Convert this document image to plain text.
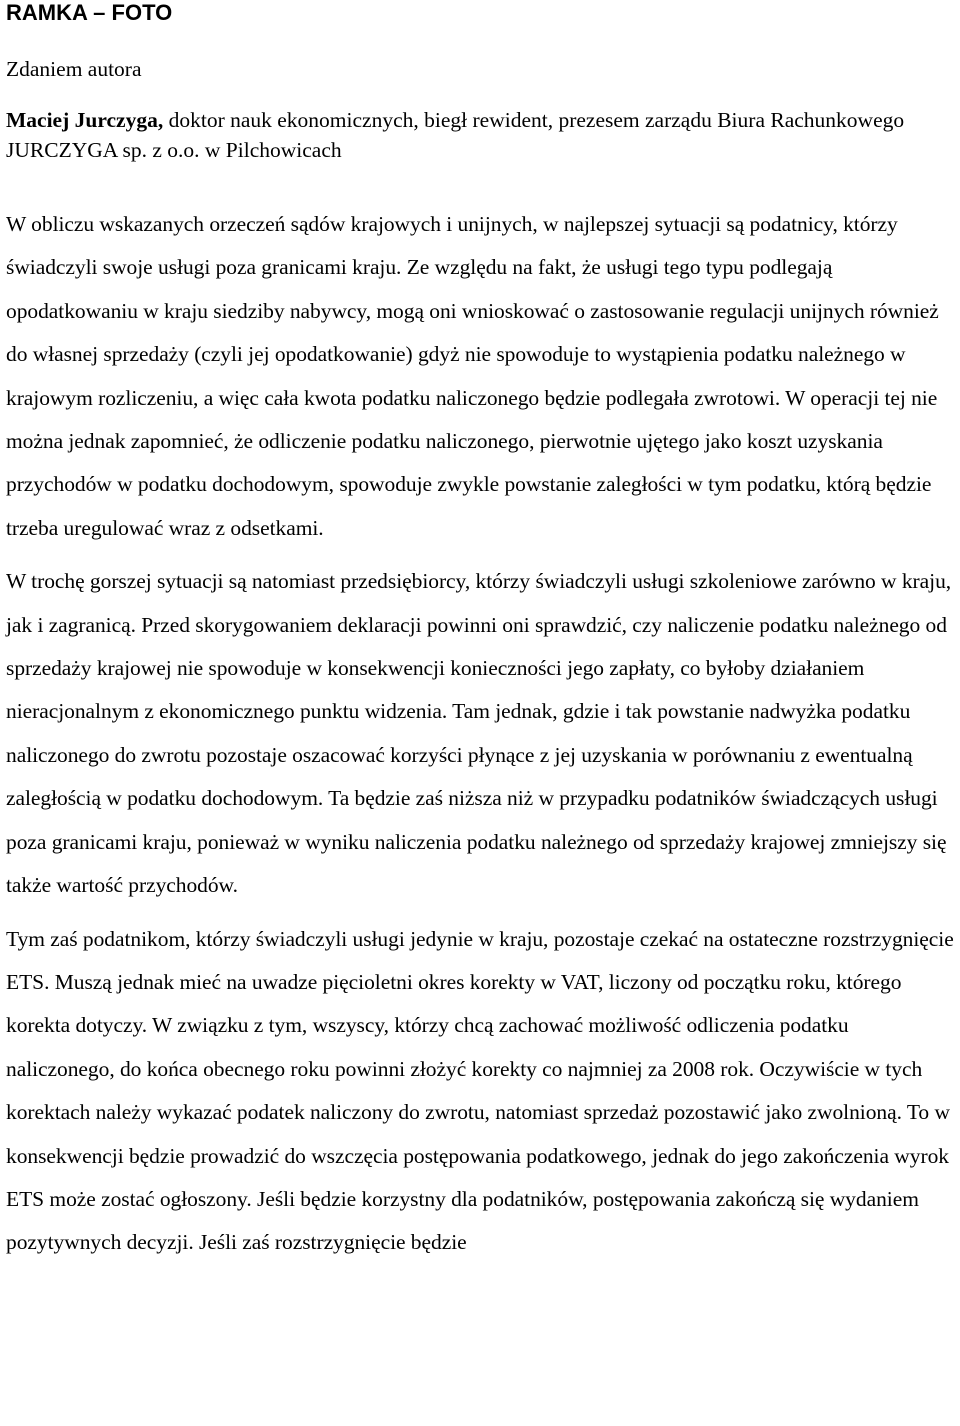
RAMKA – FOTO
Zdaniem autora

Maciej Jurczyga, doktor nauk ekonomicznych, biegł rewident, prezesem zarządu Biura Rachunkowego JURCZYGA sp. z o.o. w Pilchowicach

W obliczu wskazanych orzeczeń sądów krajowych i unijnych, w najlepszej sytuacji są podatnicy, którzy świadczyli swoje usługi poza granicami kraju. Ze względu na fakt, że usługi tego typu podlegają opodatkowaniu w kraju siedziby nabywcy, mogą oni wnioskować o zastosowanie regulacji unijnych również do własnej sprzedaży (czyli jej opodatkowanie) gdyż nie spowoduje to wystąpienia podatku należnego w krajowym rozliczeniu, a więc cała kwota podatku naliczonego będzie podlegała zwrotowi. W operacji tej nie można jednak zapomnieć, że odliczenie podatku naliczonego, pierwotnie ujętego jako koszt uzyskania przychodów w podatku dochodowym, spowoduje zwykle powstanie zaległości w tym podatku, którą będzie trzeba uregulować wraz z odsetkami.

W trochę gorszej sytuacji są natomiast przedsiębiorcy, którzy świadczyli usługi szkoleniowe zarówno w kraju, jak i zagranicą. Przed skorygowaniem deklaracji powinni oni sprawdzić, czy naliczenie podatku należnego od sprzedaży krajowej nie spowoduje w konsekwencji konieczności jego zapłaty, co byłoby działaniem nieracjonalnym z ekonomicznego punktu widzenia. Tam jednak, gdzie i tak powstanie nadwyżka podatku naliczonego do zwrotu pozostaje oszacować korzyści płynące z jej uzyskania w porównaniu z ewentualną zaległością w podatku dochodowym. Ta będzie zaś niższa niż w przypadku podatników świadczących usługi poza granicami kraju, ponieważ w wyniku naliczenia podatku należnego od sprzedaży krajowej zmniejszy się także wartość przychodów.

Tym zaś podatnikom, którzy świadczyli usługi jedynie w kraju, pozostaje czekać na ostateczne rozstrzygnięcie ETS. Muszą jednak mieć na uwadze pięcioletni okres korekty w VAT, liczony od początku roku, którego korekta dotyczy. W związku z tym, wszyscy, którzy chcą zachować możliwość odliczenia podatku naliczonego, do końca obecnego roku powinni złożyć korekty co najmniej za 2008 rok. Oczywiście w tych korektach należy wykazać podatek naliczony do zwrotu, natomiast sprzedaż pozostawić jako zwolnioną. To w konsekwencji będzie prowadzić do wszczęcia postępowania podatkowego, jednak do jego zakończenia wyrok ETS może zostać ogłoszony. Jeśli będzie korzystny dla podatników, postępowania zakończą się wydaniem pozytywnych decyzji. Jeśli zaś rozstrzygnięcie będzie
